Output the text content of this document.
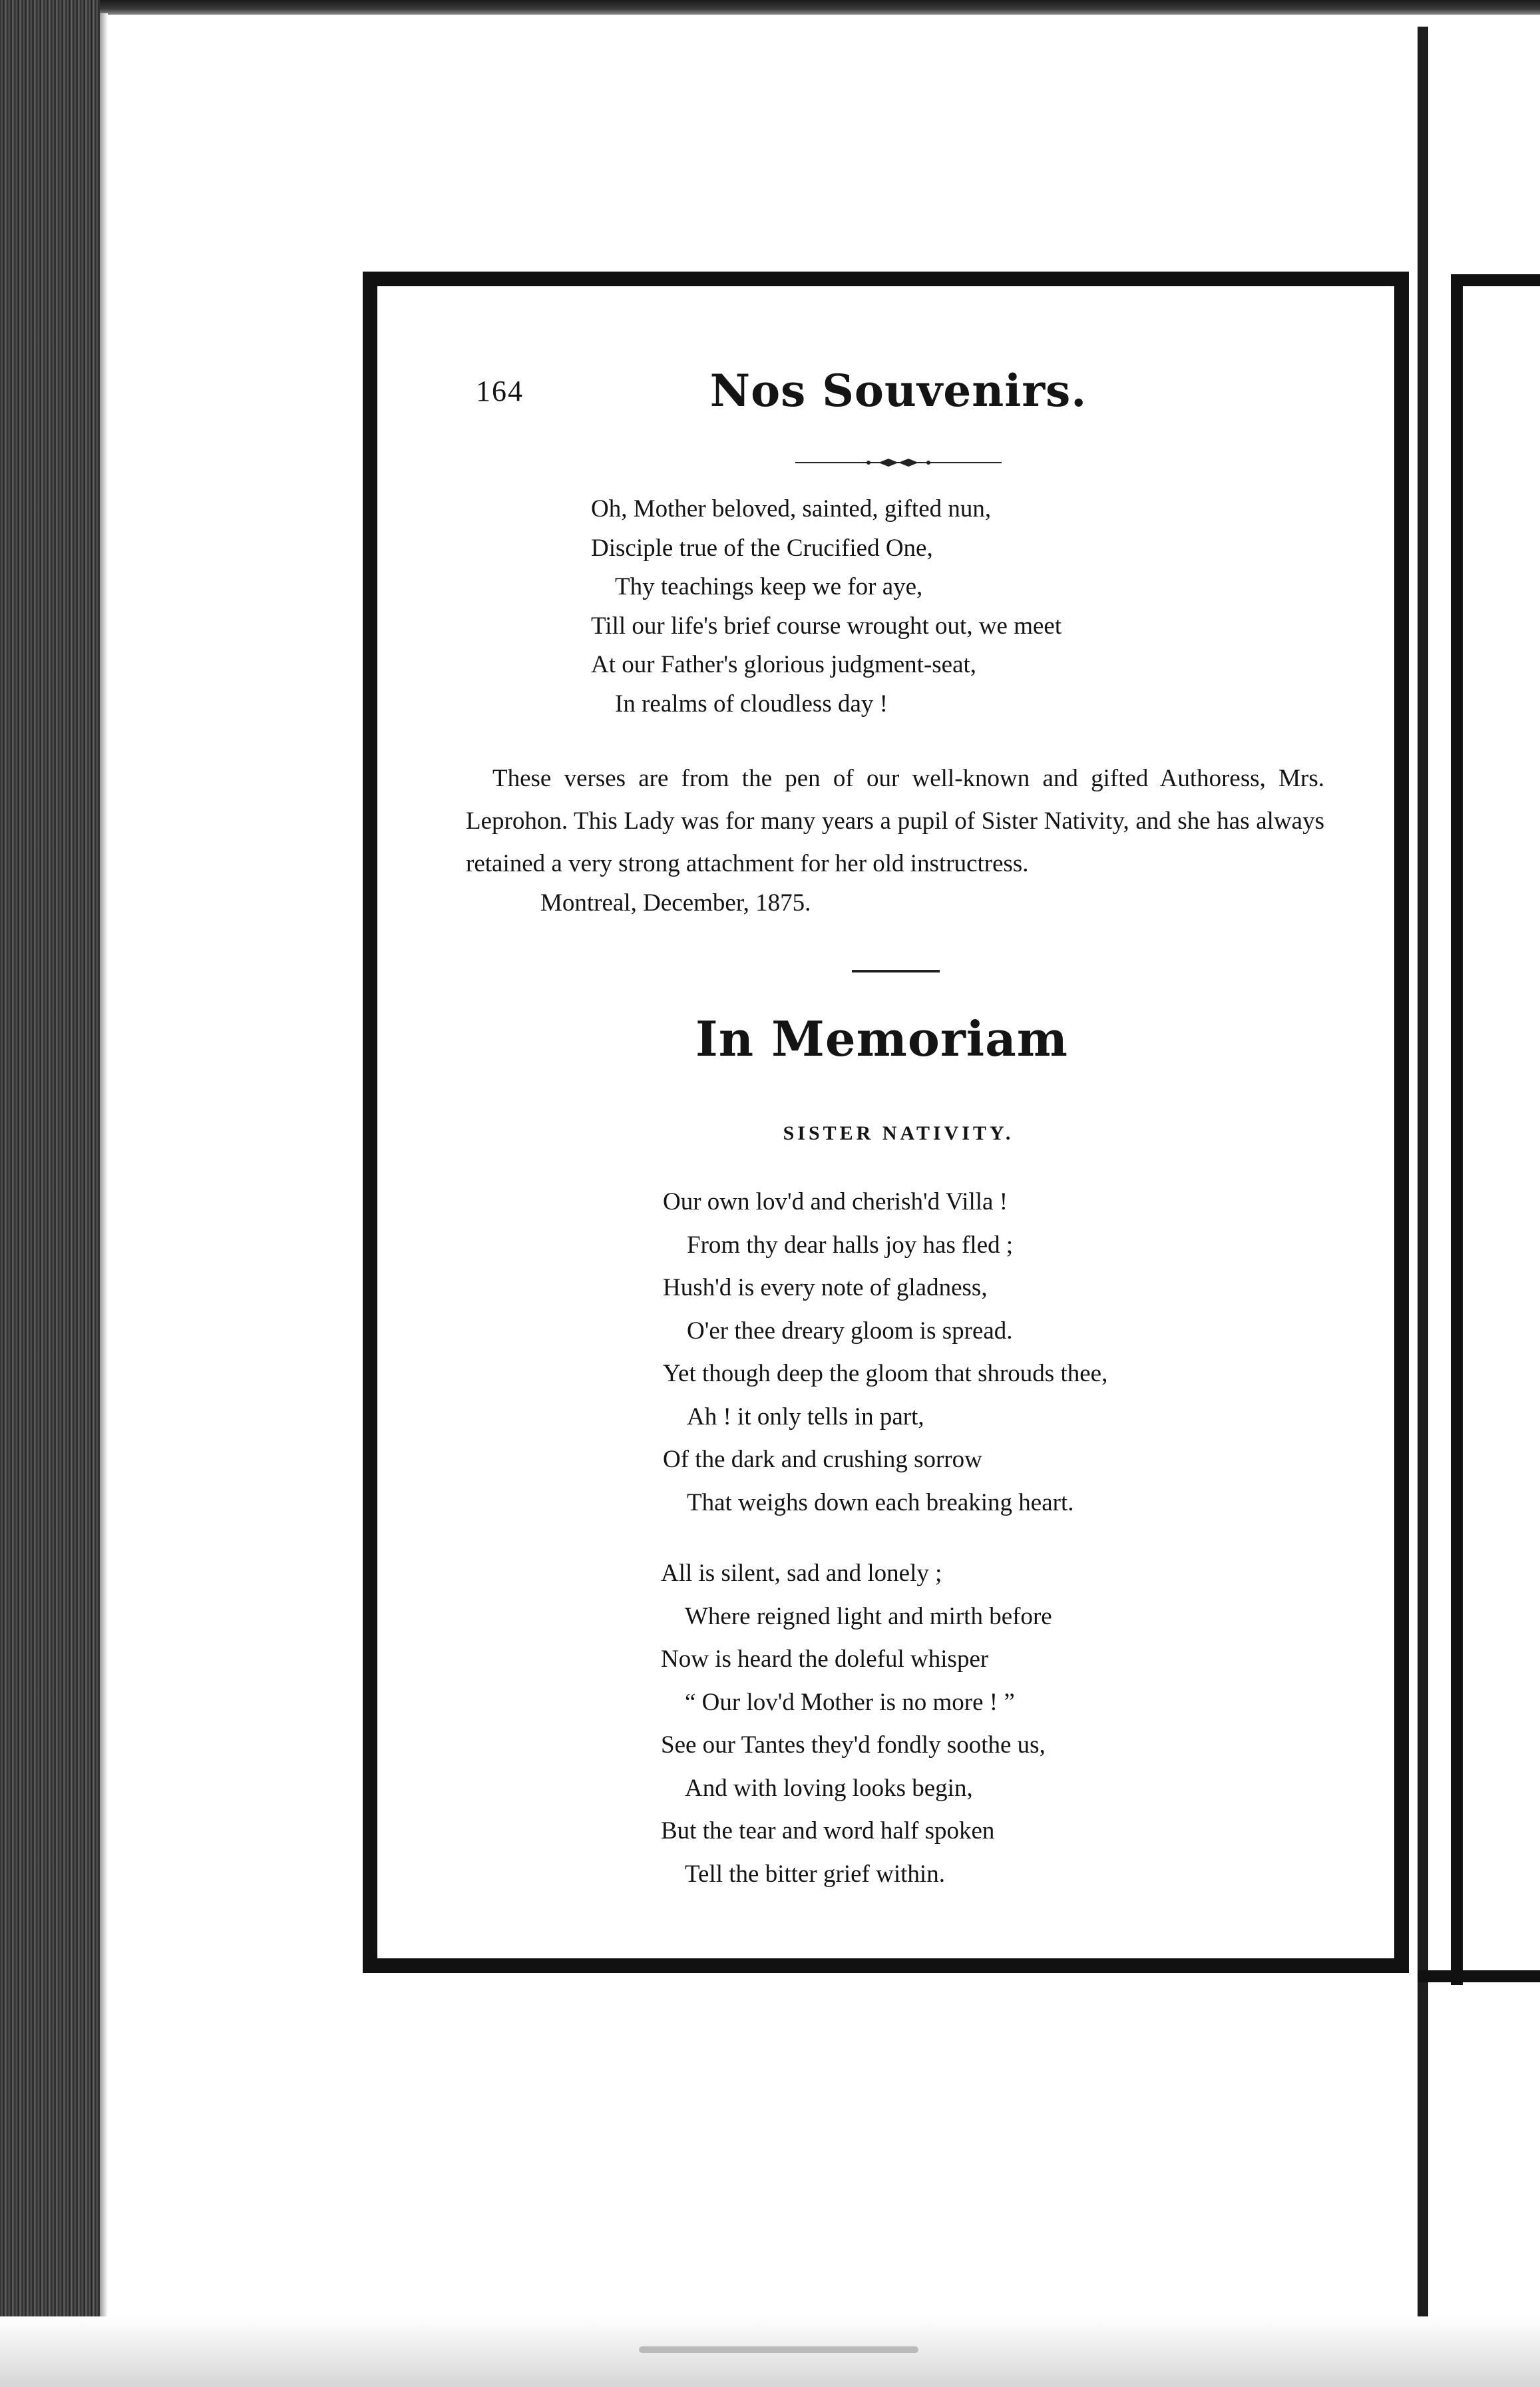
164	Nos Souvenirs.
Oh, Mother beloved, sainted, gifted nun,
Disciple true of the Crucified One,
Thy teachings keep we for aye,
Till our life's brief course wrought out, we meet
At our Father's glorious judgment-seat,
In realms of cloudless day !

These verses are from the pen of our well-known and gifted Authoress, Mrs. Leprohon. This Lady was for many years a pupil of Sister Nativity, and she has always retained a very strong attachment for her old instructress.

Montreal, December, 1875.
In Memoriam
SISTER NATIVITY.
Our own lov'd and cherish'd Villa !
From thy dear halls joy has fled ;
Hush'd is every note of gladness,
O'er thee dreary gloom is spread.
Yet though deep the gloom that shrouds thee,
Ah ! it only tells in part,
Of the dark and crushing sorrow
That weighs down each breaking heart.
All is silent, sad and lonely ;
Where reigned light and mirth before
Now is heard the doleful whisper
“ Our lov'd Mother is no more ! ”
See our Tantes they'd fondly soothe us,
And with loving looks begin,
But the tear and word half spoken
Tell the bitter grief within.
